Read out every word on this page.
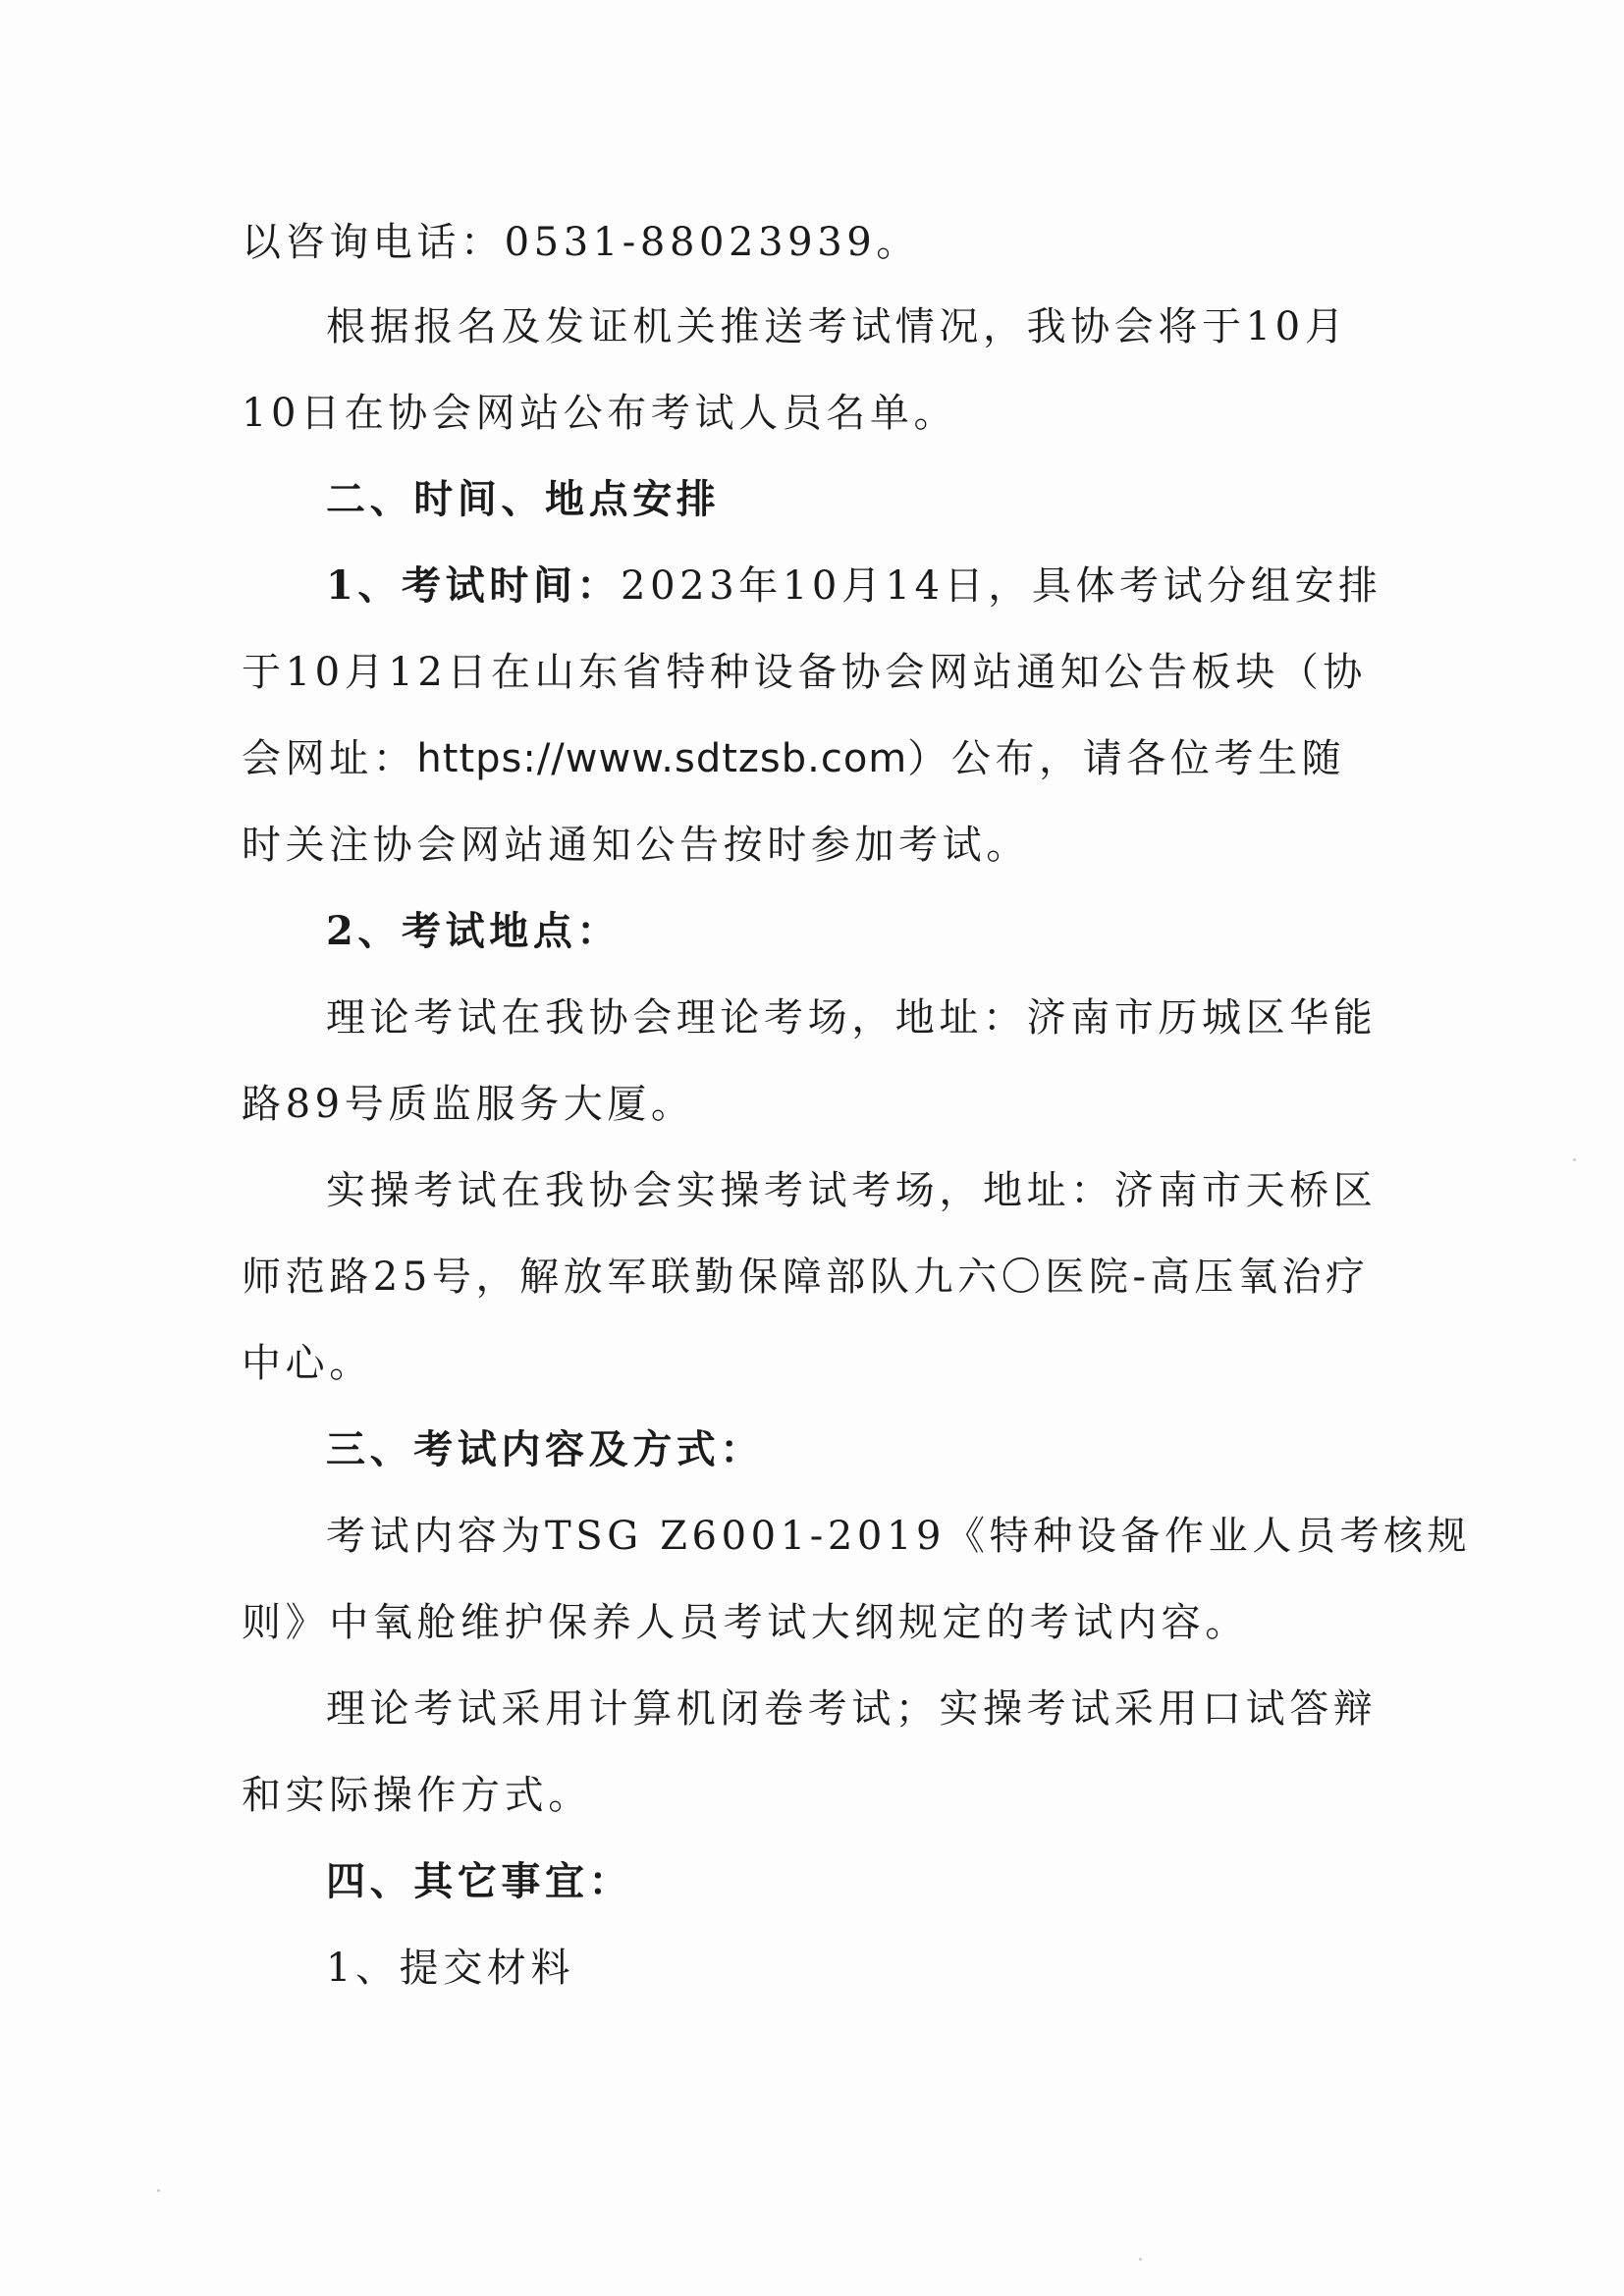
以咨询电话：0531-88023939。

根据报名及发证机关推送考试情况，我协会将于10月

10日在协会网站公布考试人员名单。

二、时间、地点安排

1、考试时间：2023年10月14日，具体考试分组安排

于10月12日在山东省特种设备协会网站通知公告板块（协

会网址：https://www.sdtzsb.com）公布，请各位考生随

时关注协会网站通知公告按时参加考试。

2、考试地点：

理论考试在我协会理论考场，地址：济南市历城区华能

路89号质监服务大厦。

实操考试在我协会实操考试考场，地址：济南市天桥区

师范路25号，解放军联勤保障部队九六〇医院-高压氧治疗

中心。

三、考试内容及方式：

考试内容为TSG Z6001-2019《特种设备作业人员考核规

则》中氧舱维护保养人员考试大纲规定的考试内容。

理论考试采用计算机闭卷考试；实操考试采用口试答辩

和实际操作方式。

四、其它事宜：

1、提交材料
